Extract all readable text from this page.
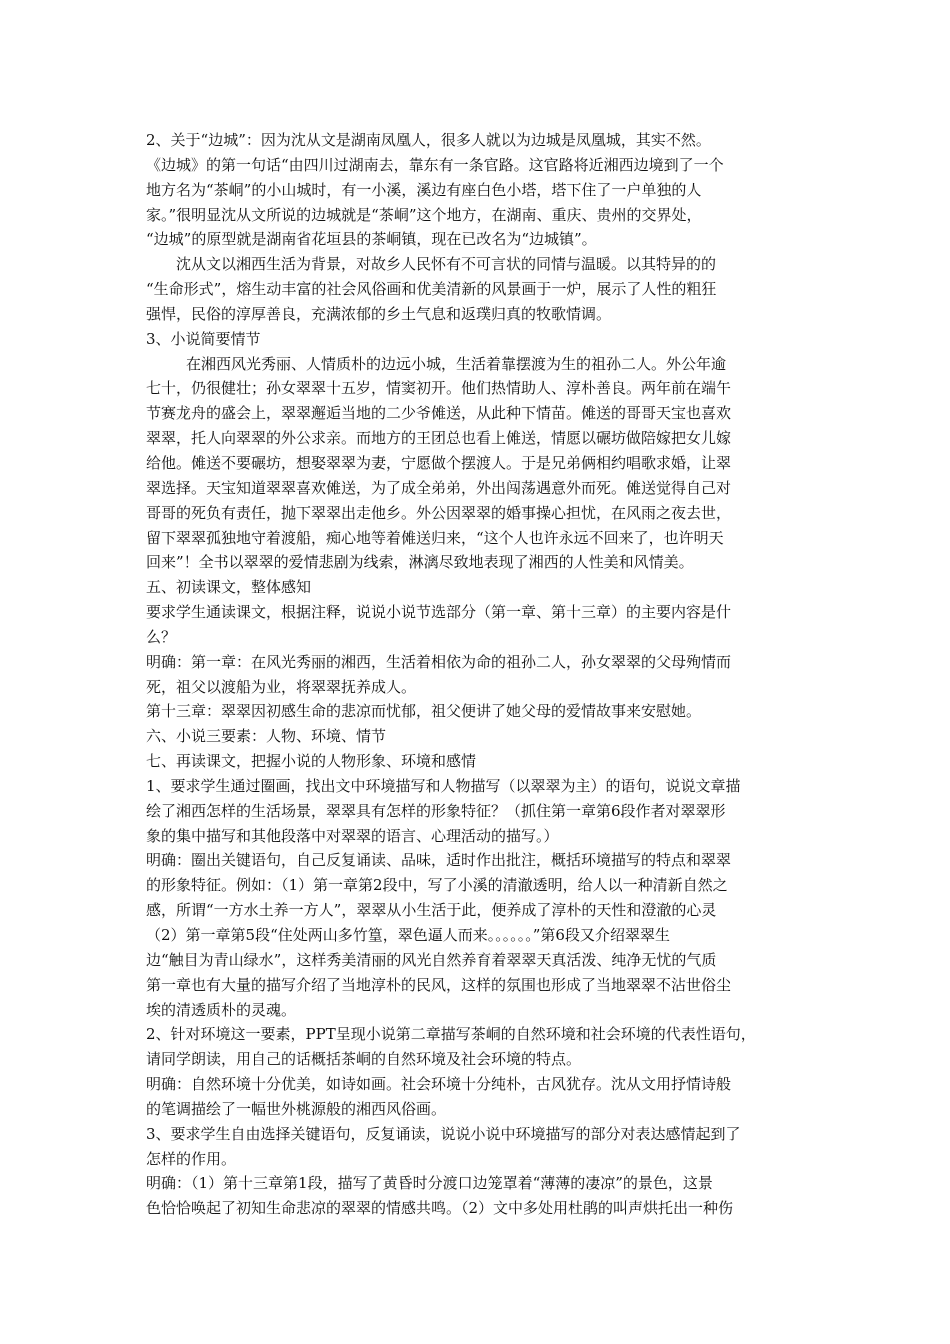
2、关于“边城”：因为沈从文是湖南凤凰人，很多人就以为边城是凤凰城，其实不然。
《边城》的第一句话“由四川过湖南去，靠东有一条官路。这官路将近湘西边境到了一个
地方名为“茶峒”的小山城时，有一小溪，溪边有座白色小塔，塔下住了一户单独的人
家。”很明显沈从文所说的边城就是“茶峒”这个地方，在湖南、重庆、贵州的交界处，
“边城”的原型就是湖南省花垣县的茶峒镇，现在已改名为“边城镇”。
沈从文以湘西生活为背景，对故乡人民怀有不可言状的同情与温暖。以其特异的的
“生命形式”，熔生动丰富的社会风俗画和优美清新的风景画于一炉，展示了人性的粗狂
强悍，民俗的淳厚善良，充满浓郁的乡土气息和返璞归真的牧歌情调。
3、小说简要情节
在湘西风光秀丽、人情质朴的边远小城，生活着靠摆渡为生的祖孙二人。外公年逾
七十，仍很健壮；孙女翠翠十五岁，情窦初开。他们热情助人、淳朴善良。两年前在端午
节赛龙舟的盛会上，翠翠邂逅当地的二少爷傩送，从此种下情苗。傩送的哥哥天宝也喜欢
翠翠，托人向翠翠的外公求亲。而地方的王团总也看上傩送，情愿以碾坊做陪嫁把女儿嫁
给他。傩送不要碾坊，想娶翠翠为妻，宁愿做个摆渡人。于是兄弟俩相约唱歌求婚，让翠
翠选择。天宝知道翠翠喜欢傩送，为了成全弟弟，外出闯荡遇意外而死。傩送觉得自己对
哥哥的死负有责任，抛下翠翠出走他乡。外公因翠翠的婚事操心担忧，在风雨之夜去世，
留下翠翠孤独地守着渡船，痴心地等着傩送归来，“这个人也许永远不回来了，也许明天
回来”！全书以翠翠的爱情悲剧为线索，淋漓尽致地表现了湘西的人性美和风情美。
五、初读课文，整体感知
要求学生通读课文，根据注释，说说小说节选部分（第一章、第十三章）的主要内容是什
么？
明确：第一章：在风光秀丽的湘西，生活着相依为命的祖孙二人，孙女翠翠的父母殉情而
死，祖父以渡船为业，将翠翠抚养成人。
第十三章：翠翠因初感生命的悲凉而忧郁，祖父便讲了她父母的爱情故事来安慰她。
六、小说三要素：人物、环境、情节
七、再读课文，把握小说的人物形象、环境和感情
1、要求学生通过圈画，找出文中环境描写和人物描写（以翠翠为主）的语句，说说文章描
绘了湘西怎样的生活场景，翠翠具有怎样的形象特征？（抓住第一章第6段作者对翠翠形
象的集中描写和其他段落中对翠翠的语言、心理活动的描写。）
明确：圈出关键语句，自己反复诵读、品味，适时作出批注，概括环境描写的特点和翠翠
的形象特征。例如：（1）第一章第2段中，写了小溪的清澈透明，给人以一种清新自然之
感，所谓“一方水土养一方人”，翠翠从小生活于此，便养成了淳朴的天性和澄澈的心灵
（2）第一章第5段“住处两山多竹篁，翠色逼人而来。。。。。。”第6段又介绍翠翠生
边“触目为青山绿水”，这样秀美清丽的风光自然养育着翠翠天真活泼、纯净无忧的气质
第一章也有大量的描写介绍了当地淳朴的民风，这样的氛围也形成了当地翠翠不沾世俗尘
埃的清透质朴的灵魂。
2、针对环境这一要素，PPT呈现小说第二章描写茶峒的自然环境和社会环境的代表性语句，
请同学朗读，用自己的话概括茶峒的自然环境及社会环境的特点。
明确：自然环境十分优美，如诗如画。社会环境十分纯朴，古风犹存。沈从文用抒情诗般
的笔调描绘了一幅世外桃源般的湘西风俗画。
3、要求学生自由选择关键语句，反复诵读，说说小说中环境描写的部分对表达感情起到了
怎样的作用。
明确：（1）第十三章第1段，描写了黄昏时分渡口边笼罩着“薄薄的凄凉”的景色，这景
色恰恰唤起了初知生命悲凉的翠翠的情感共鸣。（2）文中多处用杜鹃的叫声烘托出一种伤
